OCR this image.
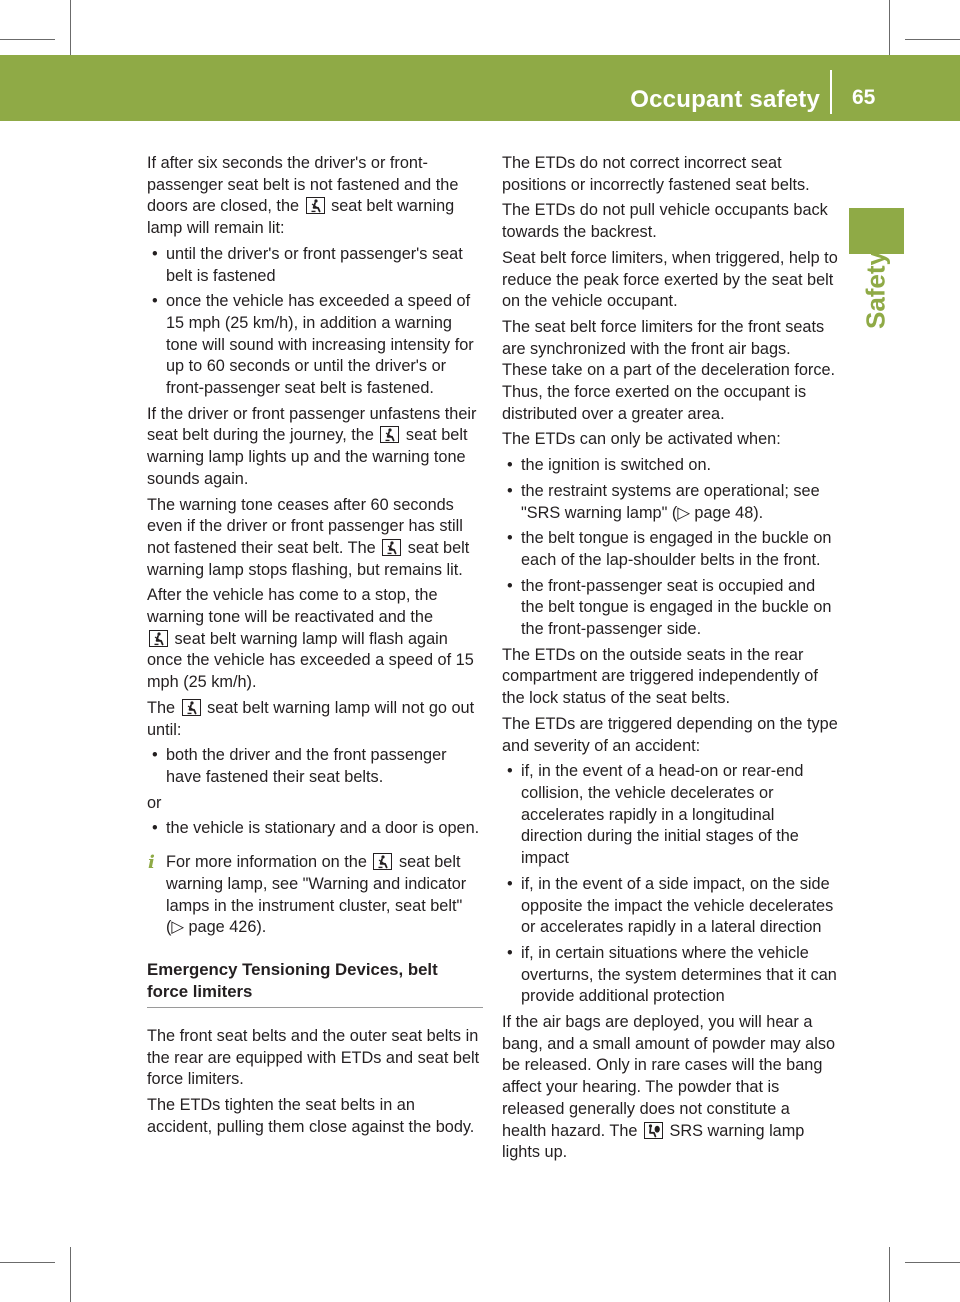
Occupant safety 65
Safety

If after six seconds the driver's or front-passenger seat belt is not fastened and the doors are closed, the
seat belt warning lamp will remain lit:

• until the driver's or front passenger's seat belt is fastened
• once the vehicle has exceeded a speed of 15 mph (25 km/h), in addition a warning tone will sound with increasing intensity for up to 60 seconds or until the driver's or front-passenger seat belt is fastened.

If the driver or front passenger unfastens their seat belt during the journey, the
seat belt warning lamp lights up and the warning tone sounds again.

The warning tone ceases after 60 seconds even if the driver or front passenger has still not fastened their seat belt. The
seat belt warning lamp stops flashing, but remains lit.

After the vehicle has come to a stop, the warning tone will be reactivated and the

seat belt warning lamp will flash again once the vehicle has exceeded a speed of 15 mph (25 km/h).

The
seat belt warning lamp will not go out until:

• both the driver and the front passenger have fastened their seat belts.

or

• the vehicle is stationary and a door is open.

i For more information on the
seat belt warning lamp, see "Warning and indicator lamps in the instrument cluster, seat belt" (▷ page 426).

Emergency Tensioning Devices, belt force limiters

The front seat belts and the outer seat belts in the rear are equipped with ETDs and seat belt force limiters.

The ETDs tighten the seat belts in an accident, pulling them close against the body.

The ETDs do not correct incorrect seat positions or incorrectly fastened seat belts.

The ETDs do not pull vehicle occupants back towards the backrest.

Seat belt force limiters, when triggered, help to reduce the peak force exerted by the seat belt on the vehicle occupant.

The seat belt force limiters for the front seats are synchronized with the front air bags. These take on a part of the deceleration force. Thus, the force exerted on the occupant is distributed over a greater area.

The ETDs can only be activated when:

• the ignition is switched on.
• the restraint systems are operational; see "SRS warning lamp" (▷ page 48).
• the belt tongue is engaged in the buckle on each of the lap-shoulder belts in the front.
• the front-passenger seat is occupied and the belt tongue is engaged in the buckle on the front-passenger side.

The ETDs on the outside seats in the rear compartment are triggered independently of the lock status of the seat belts.

The ETDs are triggered depending on the type and severity of an accident:

• if, in the event of a head-on or rear-end collision, the vehicle decelerates or accelerates rapidly in a longitudinal direction during the initial stages of the impact
• if, in the event of a side impact, on the side opposite the impact the vehicle decelerates or accelerates rapidly in a lateral direction
• if, in certain situations where the vehicle overturns, the system determines that it can provide additional protection

If the air bags are deployed, you will hear a bang, and a small amount of powder may also be released. Only in rare cases will the bang affect your hearing. The powder that is released generally does not constitute a health hazard. The
SRS warning lamp lights up.
